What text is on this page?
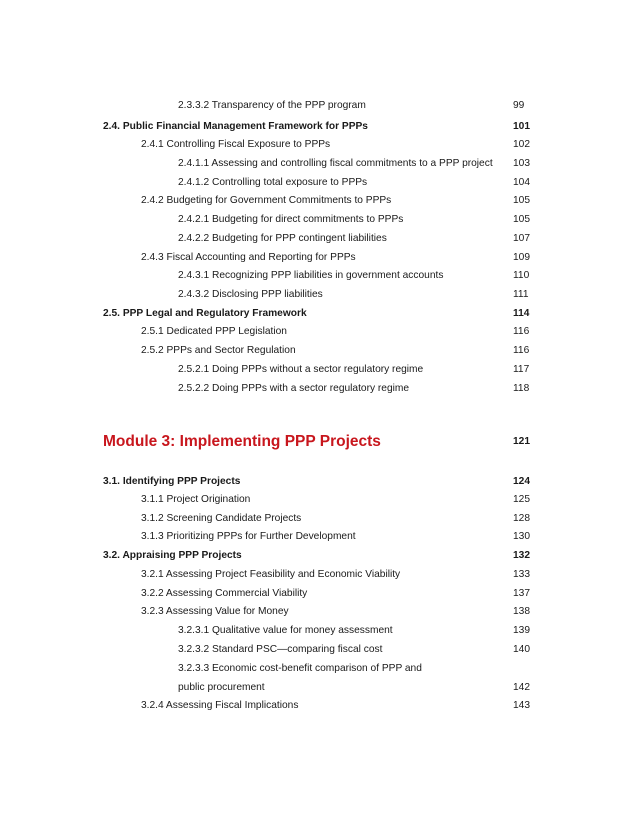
2.3.3.2 Transparency of the PPP program	99
2.4. Public Financial Management Framework for PPPs	101
2.4.1 Controlling Fiscal Exposure to PPPs	102
2.4.1.1 Assessing and controlling fiscal commitments to a PPP project 103
2.4.1.2 Controlling total exposure to PPPs	104
2.4.2 Budgeting for Government Commitments to PPPs	105
2.4.2.1 Budgeting for direct commitments to PPPs	105
2.4.2.2 Budgeting for PPP contingent liabilities	107
2.4.3 Fiscal Accounting and Reporting for PPPs	109
2.4.3.1 Recognizing PPP liabilities in government accounts	110
2.4.3.2 Disclosing PPP liabilities	111
2.5. PPP Legal and Regulatory Framework	114
2.5.1 Dedicated PPP Legislation	116
2.5.2 PPPs and Sector Regulation	116
2.5.2.1 Doing PPPs without a sector regulatory regime	117
2.5.2.2 Doing PPPs with a sector regulatory regime	118
Module 3: Implementing PPP Projects	121
3.1. Identifying PPP Projects	124
3.1.1 Project Origination	125
3.1.2 Screening Candidate Projects	128
3.1.3 Prioritizing PPPs for Further Development	130
3.2. Appraising PPP Projects	132
3.2.1 Assessing Project Feasibility and Economic Viability	133
3.2.2 Assessing Commercial Viability	137
3.2.3 Assessing Value for Money	138
3.2.3.1 Qualitative value for money assessment	139
3.2.3.2 Standard PSC—comparing fiscal cost	140
3.2.3.3 Economic cost-benefit comparison of PPP and
public procurement	142
3.2.4 Assessing Fiscal Implications	143
